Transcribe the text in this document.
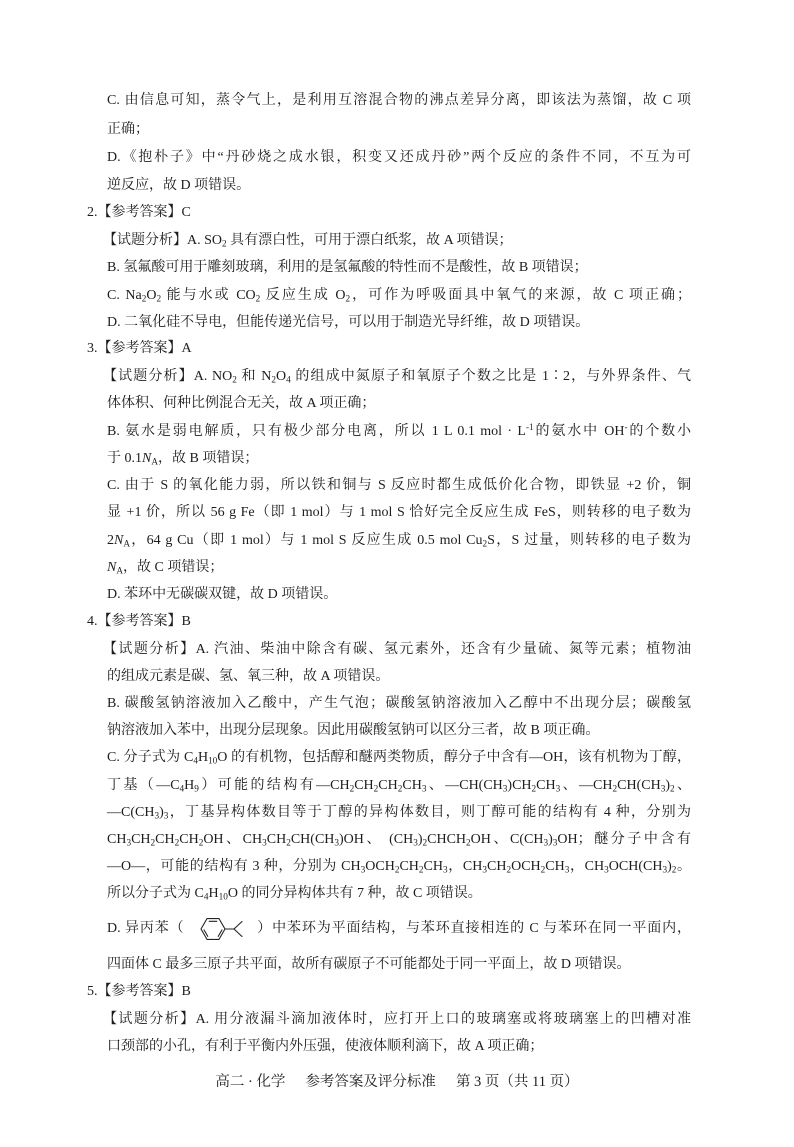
C. 由信息可知，蒸令气上，是利用互溶混合物的沸点差异分离，即该法为蒸馏，故 C 项
正确；
D.《抱朴子》中“丹砂烧之成水银，积变又还成丹砂”两个反应的条件不同，不互为可
逆反应，故 D 项错误。
2.【参考答案】C
【试题分析】A. $SO_2$ 具有漂白性，可用于漂白纸浆，故 A 项错误；
B. 氢氟酸可用于雕刻玻璃，利用的是氢氟酸的特性而不是酸性，故 B 项错误；
C. $Na_2O_2$ 能与水或 $CO_2$ 反应生成 $O_2$，可作为呼吸面具中氧气的来源，故 C 项正确；
D. 二氧化硅不导电，但能传递光信号，可以用于制造光导纤维，故 D 项错误。
3.【参考答案】A
【试题分析】A. $NO_2$ 和 $N_2O_4$ 的组成中氮原子和氧原子个数之比是 1∶2，与外界条件、气
体体积、何种比例混合无关，故 A 项正确；
B. 氨水是弱电解质，只有极少部分电离，所以 1 L 0.1 mol · $L^{-1}$的氨水中 OH-的个数小
于 $0.1N_A$，故 B 项错误；
C. 由于 S 的氧化能力弱，所以铁和铜与 S 反应时都生成低价化合物，即铁显 +2 价，铜
显 +1 价，所以 56 g Fe（即 1 mol）与 1 mol S 恰好完全反应生成 FeS，则转移的电子数为
$2N_A$，64 g Cu（即 1 mol）与 1 mol S 反应生成 0.5 mol $Cu_2S$，S 过量，则转移的电子数为
$N_A$，故 C 项错误；
D. 苯环中无碳碳双键，故 D 项错误。
4.【参考答案】B
【试题分析】A. 汽油、柴油中除含有碳、氢元素外，还含有少量硫、氮等元素；植物油
的组成元素是碳、氢、氧三种，故 A 项错误。
B. 碳酸氢钠溶液加入乙酸中，产生气泡；碳酸氢钠溶液加入乙醇中不出现分层；碳酸氢
钠溶液加入苯中，出现分层现象。因此用碳酸氢钠可以区分三者，故 B 项正确。
C. 分子式为 $C_4H_{10}O$ 的有机物，包括醇和醚两类物质，醇分子中含有—OH，该有机物为丁醇，
丁基$(—C_4H_9)$可能的结构有$—CH_2CH_2CH_2CH_3$、$—CH(CH_3)CH_2CH_3$、$—CH_2CH(CH_3)_2$、
$—C(CH_3)_3$，丁基异构体数目等于丁醇的异构体数目，则丁醇可能的结构有 4 种，分别为
$CH_3CH_2CH_2CH_2OH$、$CH_3CH_2CH(CH_3)OH$、 $(CH_3)_2CHCH_2OH$、$C(CH_3)_3OH$；醚分子中含有
—O—，可能的结构有 3 种，分别为 $CH_3OCH_2CH_2CH_3$，$CH_3CH_2OCH_2CH_3$，$CH_3OCH(CH_3)_2$。
所以分子式为 $C_4H_{10}O$ 的同分异构体共有 7 种，故 C 项错误。
D. 异丙苯（	）中苯环为平面结构，与苯环直接相连的 C 与苯环在同一平面内，
四面体 C 最多三原子共平面，故所有碳原子不可能都处于同一平面上，故 D 项错误。
5.【参考答案】B
【试题分析】A. 用分液漏斗滴加液体时，应打开上口的玻璃塞或将玻璃塞上的凹槽对准
口颈部的小孔，有利于平衡内外压强，使液体顺利滴下，故 A 项正确；
高二 · 化学 参考答案及评分标准 第 3 页（共 11 页）
